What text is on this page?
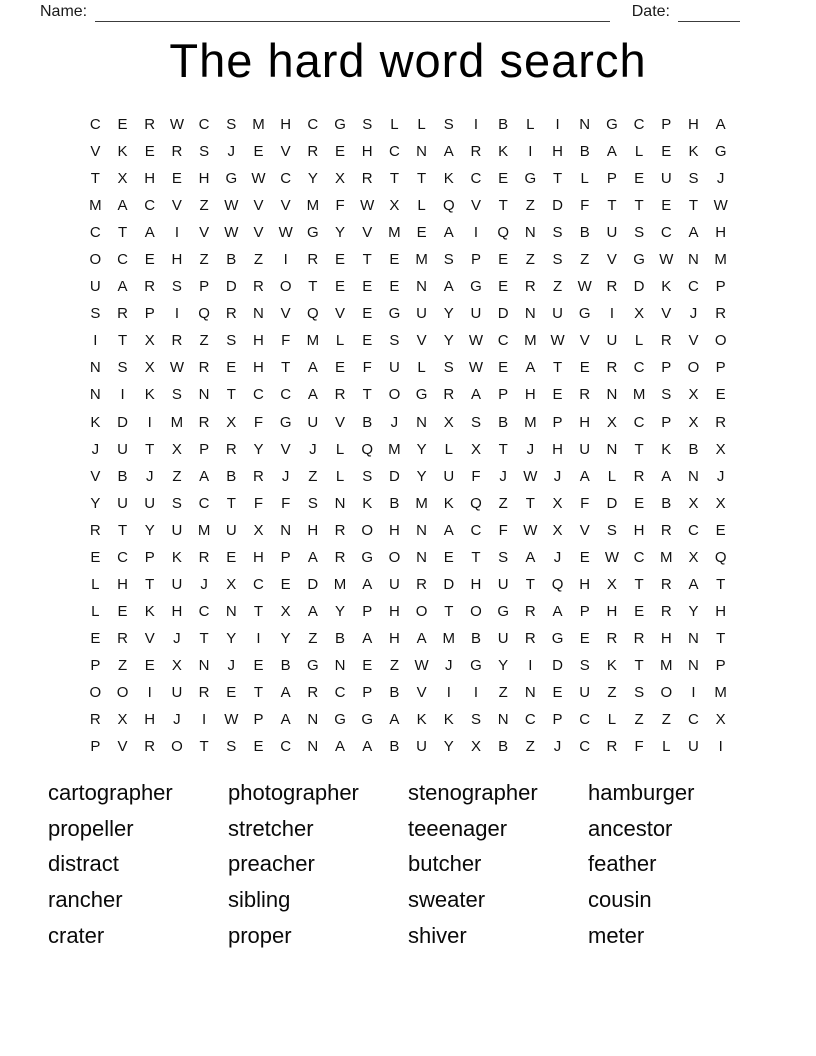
Name:	Date:
The hard word search
C	E	R W C	S	M	H	C	G	S	L	L	S	I	B	L	I	N	G	C	P	H	A
V	K	E	R	S	J	E	V	R	E	H	C	N	A	R	K	I	H	B	A	L	E	K	G
T	X	H	E	H	G W C	Y	X	R	T	T	K	C	E	G	T	L	P	E	U	S	J
M	A	C	V	Z	W	V	V	M	F	W	X	L	Q	V	T	Z	D	F	T	T	E	T	W
C	T	A	I	V	W	V	W G	Y	V	M	E	A	I	Q	N	S	B	U	S	C	A	H
O	C	E	H	Z	B	Z	I	R	E	T	E	M	S	P	E	Z	S	Z	V	G W N	M
U	A	R	S	P	D	R	O	T	E	E	E	N	A	G	E	R	Z	W R	D	K	C	P
S	R	P	I	Q	R	N	V	Q	V	E	G	U	Y	U	D	N	U	G	I	X	V	J	R
I	T	X	R	Z	S	H	F	M	L	E	S	V	Y	W C	M W	V	U	L	R	V	O
N	S	X	W R	E	H	T	A	E	F	U	L	S	W	E	A	T	E	R	C	P	O	P
N	I	K	S	N	T	C	C	A	R	T	O	G	R	A	P	H	E	R	N	M	S	X	E
K	D	I	M	R	X	F	G	U	V	B	J	N	X	S	B	M	P	H	X	C	P	X	R
J	U	T	X	P	R	Y	V	J	L	Q	M	Y	L	X	T	J	H	U	N	T	K	B	X
V	B	J	Z	A	B	R	J	Z	L	S	D	Y	U	F	J	W	J	A	L	R	A	N	J
Y	U	U	S	C	T	F	F	S	N	K	B	M	K	Q	Z	T	X	F	D	E	B	X	X
R	T	Y	U	M	U	X	N	H	R	O	H	N	A	C	F	W	X	V	S	H	R	C	E
E	C	P	K	R	E	H	P	A	R	G	O	N	E	T	S	A	J	E	W C	M	X	Q
L	H	T	U	J	X	C	E	D	M	A	U	R	D	H	U	T	Q	H	X	T	R	A	T
L	E	K	H	C	N	T	X	A	Y	P	H	O	T	O	G	R	A	P	H	E	R	Y	H
E	R	V	J	T	Y	I	Y	Z	B	A	H	A	M	B	U	R	G	E	R	R	H	N	T
P	Z	E	X	N	J	E	B	G	N	E	Z	W	J	G	Y	I	D	S	K	T	M	N	P
O	O	I	U	R	E	T	A	R	C	P	B	V	I	I	Z	N	E	U	Z	S	O	I	M
R	X	H	J	I	W	P	A	N	G	G	A	K	K	S	N	C	P	C	L	Z	Z	C	X
P	V	R	O	T	S	E	C	N	A	A	B	U	Y	X	B	Z	J	C	R	F	L	U	I
cartographer
propeller
distract
rancher
crater
photographer
stretcher
preacher
sibling
proper
stenographer
teeenager
butcher
sweater
shiver
hamburger
ancestor
feather
cousin
meter
